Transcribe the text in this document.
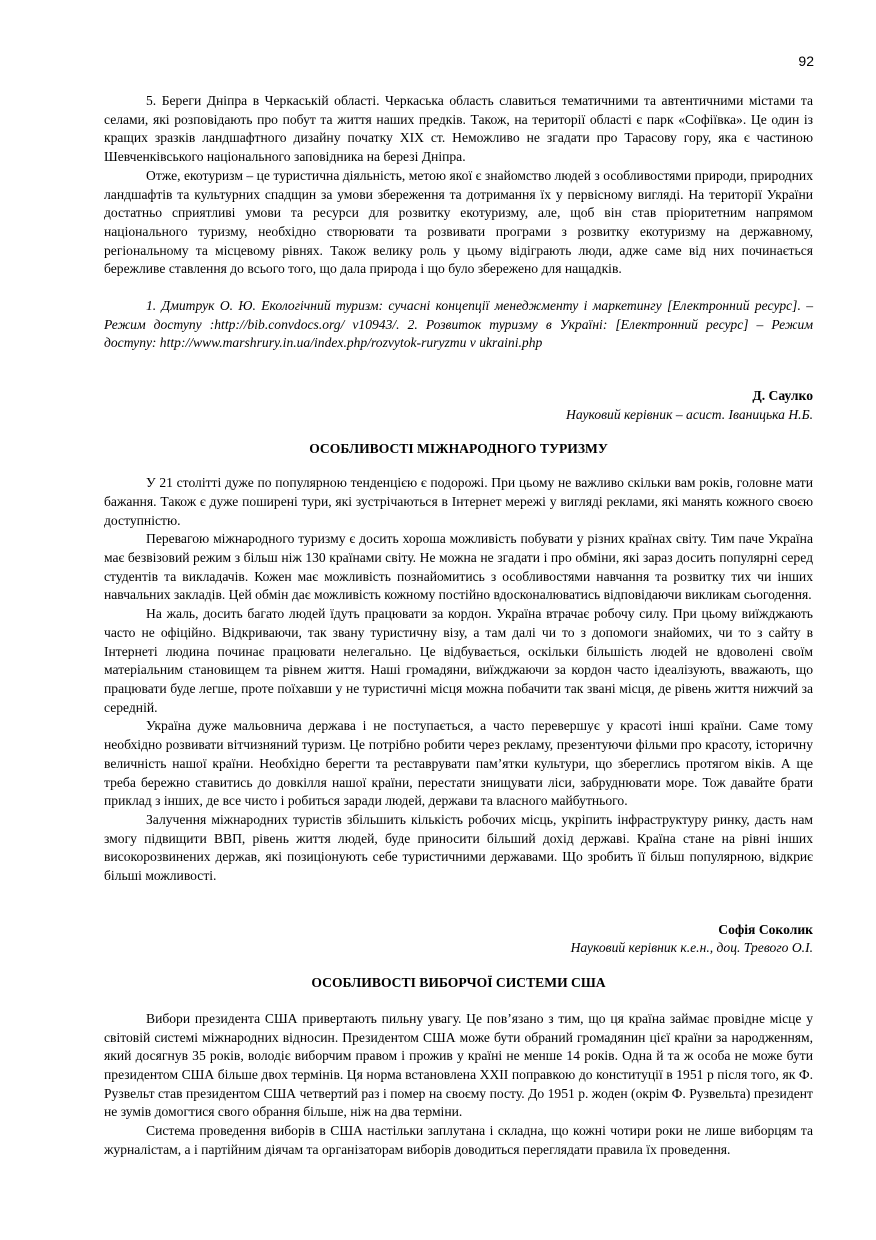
92

5. Береги Дніпра в Черкаській області. Черкаська область славиться тематичними та автентичними містами та селами, які розповідають про побут та життя наших предків. Також, на території області є парк «Софіївка». Це один із кращих зразків ландшафтного дизайну початку ХІХ ст. Неможливо не згадати про Тарасову гору, яка є частиною Шевченківського національного заповідника на березі Дніпра.

Отже, екотуризм – це туристична діяльність, метою якої є знайомство людей з особливостями природи, природних ландшафтів та культурних спадщин за умови збереження та дотримання їх у первісному вигляді. На території України достатньо сприятливі умови та ресурси для розвитку екотуризму, але, щоб він став пріоритетним напрямом національного туризму, необхідно створювати та розвивати програми з розвитку екотуризму на державному, регіональному та місцевому рівнях. Також велику роль у цьому відіграють люди, адже саме від них починається бережливе ставлення до всього того, що дала природа і що було збережено для нащадків.

1. Дмитрук О. Ю. Екологічний туризм: сучасні концепції менеджменту і маркетингу [Електронний ресурс]. – Режим доступу :http://bib.convdocs.org/ v10943/. 2. Розвиток туризму в Україні: [Електронний ресурс] – Режим доступу: http://www.marshrury.in.ua/index.php/rozvytok-ruryzmu v ukraini.php

Д. Саулко
Науковий керівник – асист. Іваницька Н.Б.
ОСОБЛИВОСТІ МІЖНАРОДНОГО ТУРИЗМУ

У 21 столітті дуже по популярною тенденцією є подорожі. При цьому не важливо скільки вам років, головне мати бажання. Також є дуже поширені тури, які зустрічаються в Інтернет мережі у вигляді реклами, які манять кожного своєю доступністю.

Перевагою міжнародного туризму є досить хороша можливість побувати у різних країнах світу. Тим паче Україна має безвізовий режим з більш ніж 130 країнами світу. Не можна не згадати і про обміни, які зараз досить популярні серед студентів та викладачів. Кожен має можливість познайомитись з особливостями навчання та розвитку тих чи інших навчальних закладів. Цей обмін дає можливість кожному постійно вдосконалюватись відповідаючи викликам сьогодення.

На жаль, досить багато людей їдуть працювати за кордон. Україна втрачає робочу силу. При цьому виїжджають часто не офіційно. Відкриваючи, так звану туристичну візу, а там далі чи то з допомоги знайомих, чи то з сайту в Інтернеті людина починає працювати нелегально. Це відбувається, оскільки більшість людей не вдоволені своїм матеріальним становищем та рівнем життя. Наші громадяни, виїжджаючи за кордон часто ідеалізують, вважають, що працювати буде легше, проте поїхавши у не туристичні місця можна побачити так звані місця, де рівень життя нижчий за середній.

Україна дуже мальовнича держава і не поступається, а часто перевершує у красоті інші країни. Саме тому необхідно розвивати вітчизняний туризм. Це потрібно робити через рекламу, презентуючи фільми про красоту, історичну величність нашої країни. Необхідно берегти та реставрувати пам’ятки культури, що збереглись протягом віків. А ще треба бережно ставитись до довкілля нашої країни, перестати знищувати ліси, забруднювати море. Тож давайте брати приклад з інших, де все чисто і робиться заради людей, держави та власного майбутнього.

Залучення міжнародних туристів збільшить кількість робочих місць, укріпить інфраструктуру ринку, дасть нам змогу підвищити ВВП, рівень життя людей, буде приносити більший дохід державі. Країна стане на рівні інших високорозвинених держав, які позиціонують себе туристичними державами. Що зробить її більш популярною, відкриє більші можливості.

Софія Соколик
Науковий керівник к.е.н., доц. Тревого О.І.
ОСОБЛИВОСТІ ВИБОРЧОЇ СИСТЕМИ США

Вибори президента США привертають пильну увагу. Це пов’язано з тим, що ця країна займає провідне місце у світовій системі міжнародних відносин. Президентом США може бути обраний громадянин цієї країни за народженням, який досягнув 35 років, володіє виборчим правом і прожив у країні не менше 14 років. Одна й та ж особа не може бути президентом США більше двох термінів. Ця норма встановлена ХХІІ поправкою до конституції в 1951 р після того, як Ф. Рузвельт став президентом США четвертий раз і помер на своєму посту. До 1951 р. жоден (окрім Ф. Рузвельта) президент не зумів домогтися свого обрання більше, ніж на два терміни.

Система проведення виборів в США настільки заплутана і складна, що кожні чотири роки не лише виборцям та журналістам, а і партійним діячам та організаторам виборів доводиться переглядати правила їх проведення.
